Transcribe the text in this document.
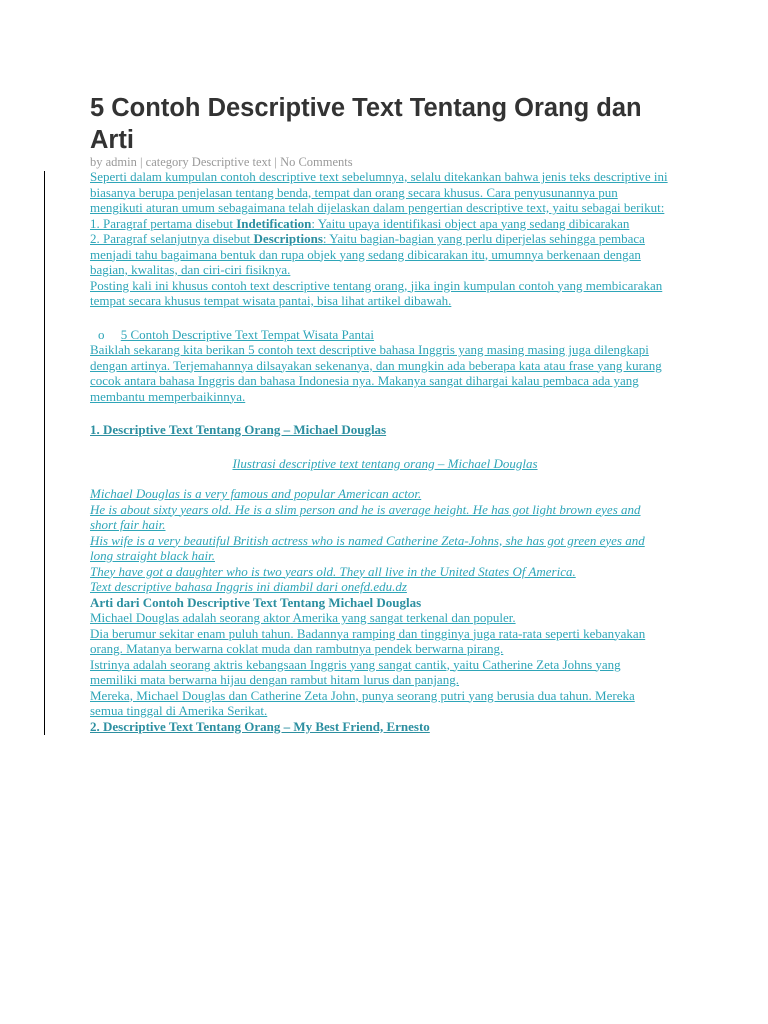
5 Contoh Descriptive Text Tentang Orang dan Arti
by admin | category Descriptive text | No Comments
Seperti dalam kumpulan contoh descriptive text sebelumnya, selalu ditekankan bahwa jenis teks descriptive ini
biasanya berupa penjelasan tentang benda, tempat dan orang secara khusus. Cara penyusunannya pun
mengikuti aturan umum sebagaimana telah dijelaskan dalam pengertian descriptive text, yaitu sebagai berikut:
1. Paragraf pertama disebut Indetification: Yaitu upaya identifikasi object apa yang sedang dibicarakan
2. Paragraf selanjutnya disebut Descriptions: Yaitu bagian-bagian yang perlu diperjelas sehingga pembaca
menjadi tahu bagaimana bentuk dan rupa objek yang sedang dibicarakan itu, umumnya berkenaan dengan
bagian, kwalitas, dan ciri-ciri fisiknya.
Posting kali ini khusus contoh text descriptive tentang orang, jika ingin kumpulan contoh yang membicarakan
tempat secara khusus tempat wisata pantai, bisa lihat artikel dibawah.
o 5 Contoh Descriptive Text Tempat Wisata Pantai
Baiklah sekarang kita berikan 5 contoh text descriptive bahasa Inggris yang masing masing juga dilengkapi
dengan artinya. Terjemahannya dilsayakan sekenanya, dan mungkin ada beberapa kata atau frase yang kurang
cocok antara bahasa Inggris dan bahasa Indonesia nya. Makanya sangat dihargai kalau pembaca ada yang
membantu memperbaikinnya.
1. Descriptive Text Tentang Orang – Michael Douglas
Ilustrasi descriptive text tentang orang – Michael Douglas
Michael Douglas is a very famous and popular American actor.
He is about sixty years old. He is a slim person and he is average height. He has got light brown eyes and
short fair hair.
His wife is a very beautiful British actress who is named Catherine Zeta-Johns, she has got green eyes and
long straight black hair.
They have got a daughter who is two years old. They all live in the United States Of America.
Text descriptive bahasa Inggris ini diambil dari onefd.edu.dz
Arti dari Contoh Descriptive Text Tentang Michael Douglas
Michael Douglas adalah seorang aktor Amerika yang sangat terkenal dan populer.
Dia berumur sekitar enam puluh tahun. Badannya ramping dan tingginya juga rata-rata seperti kebanyakan
orang. Matanya berwarna coklat muda dan rambutnya pendek berwarna pirang.
Istrinya adalah seorang aktris kebangsaan Inggris yang sangat cantik, yaitu Catherine Zeta Johns yang
memiliki mata berwarna hijau dengan rambut hitam lurus dan panjang.
Mereka, Michael Douglas dan Catherine Zeta John, punya seorang putri yang berusia dua tahun. Mereka
semua tinggal di Amerika Serikat.
2. Descriptive Text Tentang Orang – My Best Friend, Ernesto
